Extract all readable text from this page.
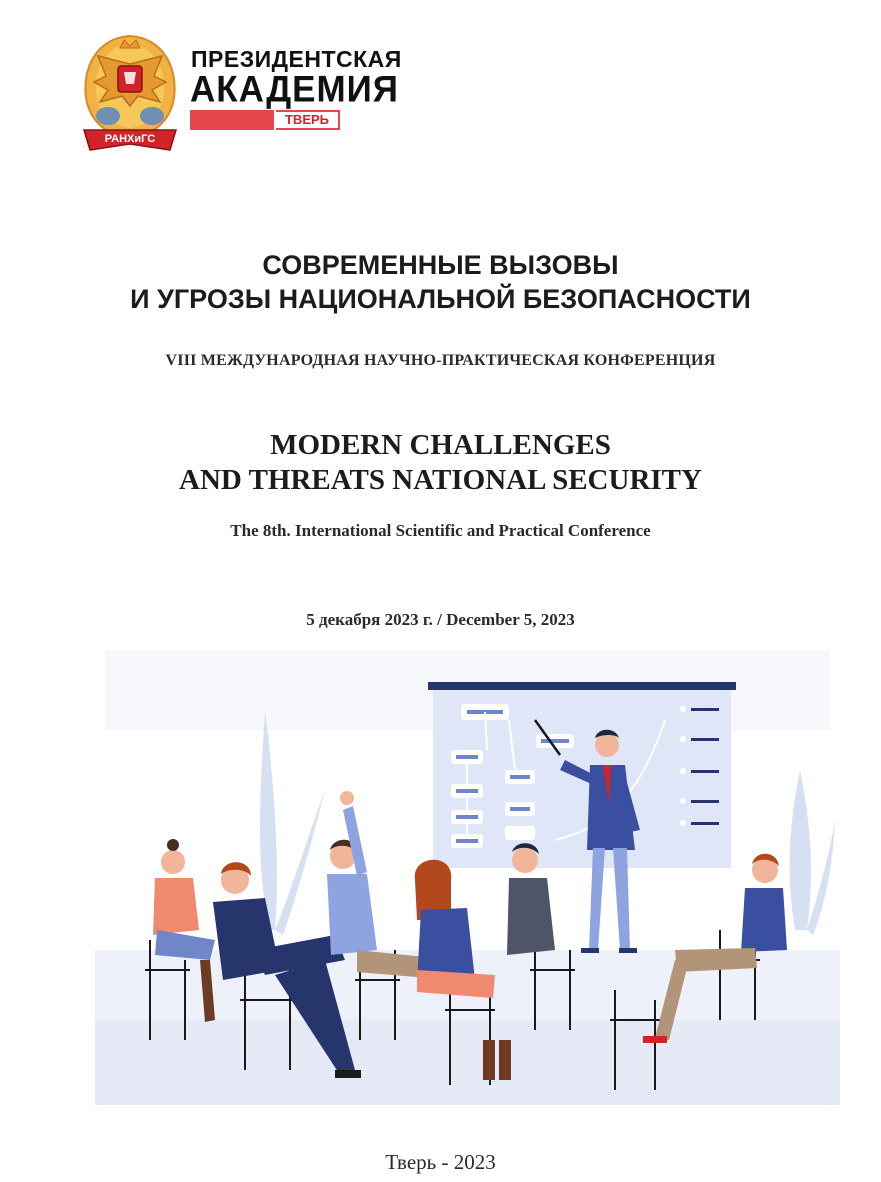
РАНХиГС
ПРЕЗИДЕНТСКАЯ
АКАДЕМИЯ
ТВЕРЬ
СОВРЕМЕННЫЕ ВЫЗОВЫ
И УГРОЗЫ НАЦИОНАЛЬНОЙ БЕЗОПАСНОСТИ
VIII МЕЖДУНАРОДНАЯ НАУЧНО-ПРАКТИЧЕСКАЯ КОНФЕРЕНЦИЯ
MODERN CHALLENGES
AND THREATS NATIONAL SECURITY
The 8th. International Scientific and Practical Conference
5 декабря 2023 г. / December 5, 2023
Тверь - 2023
